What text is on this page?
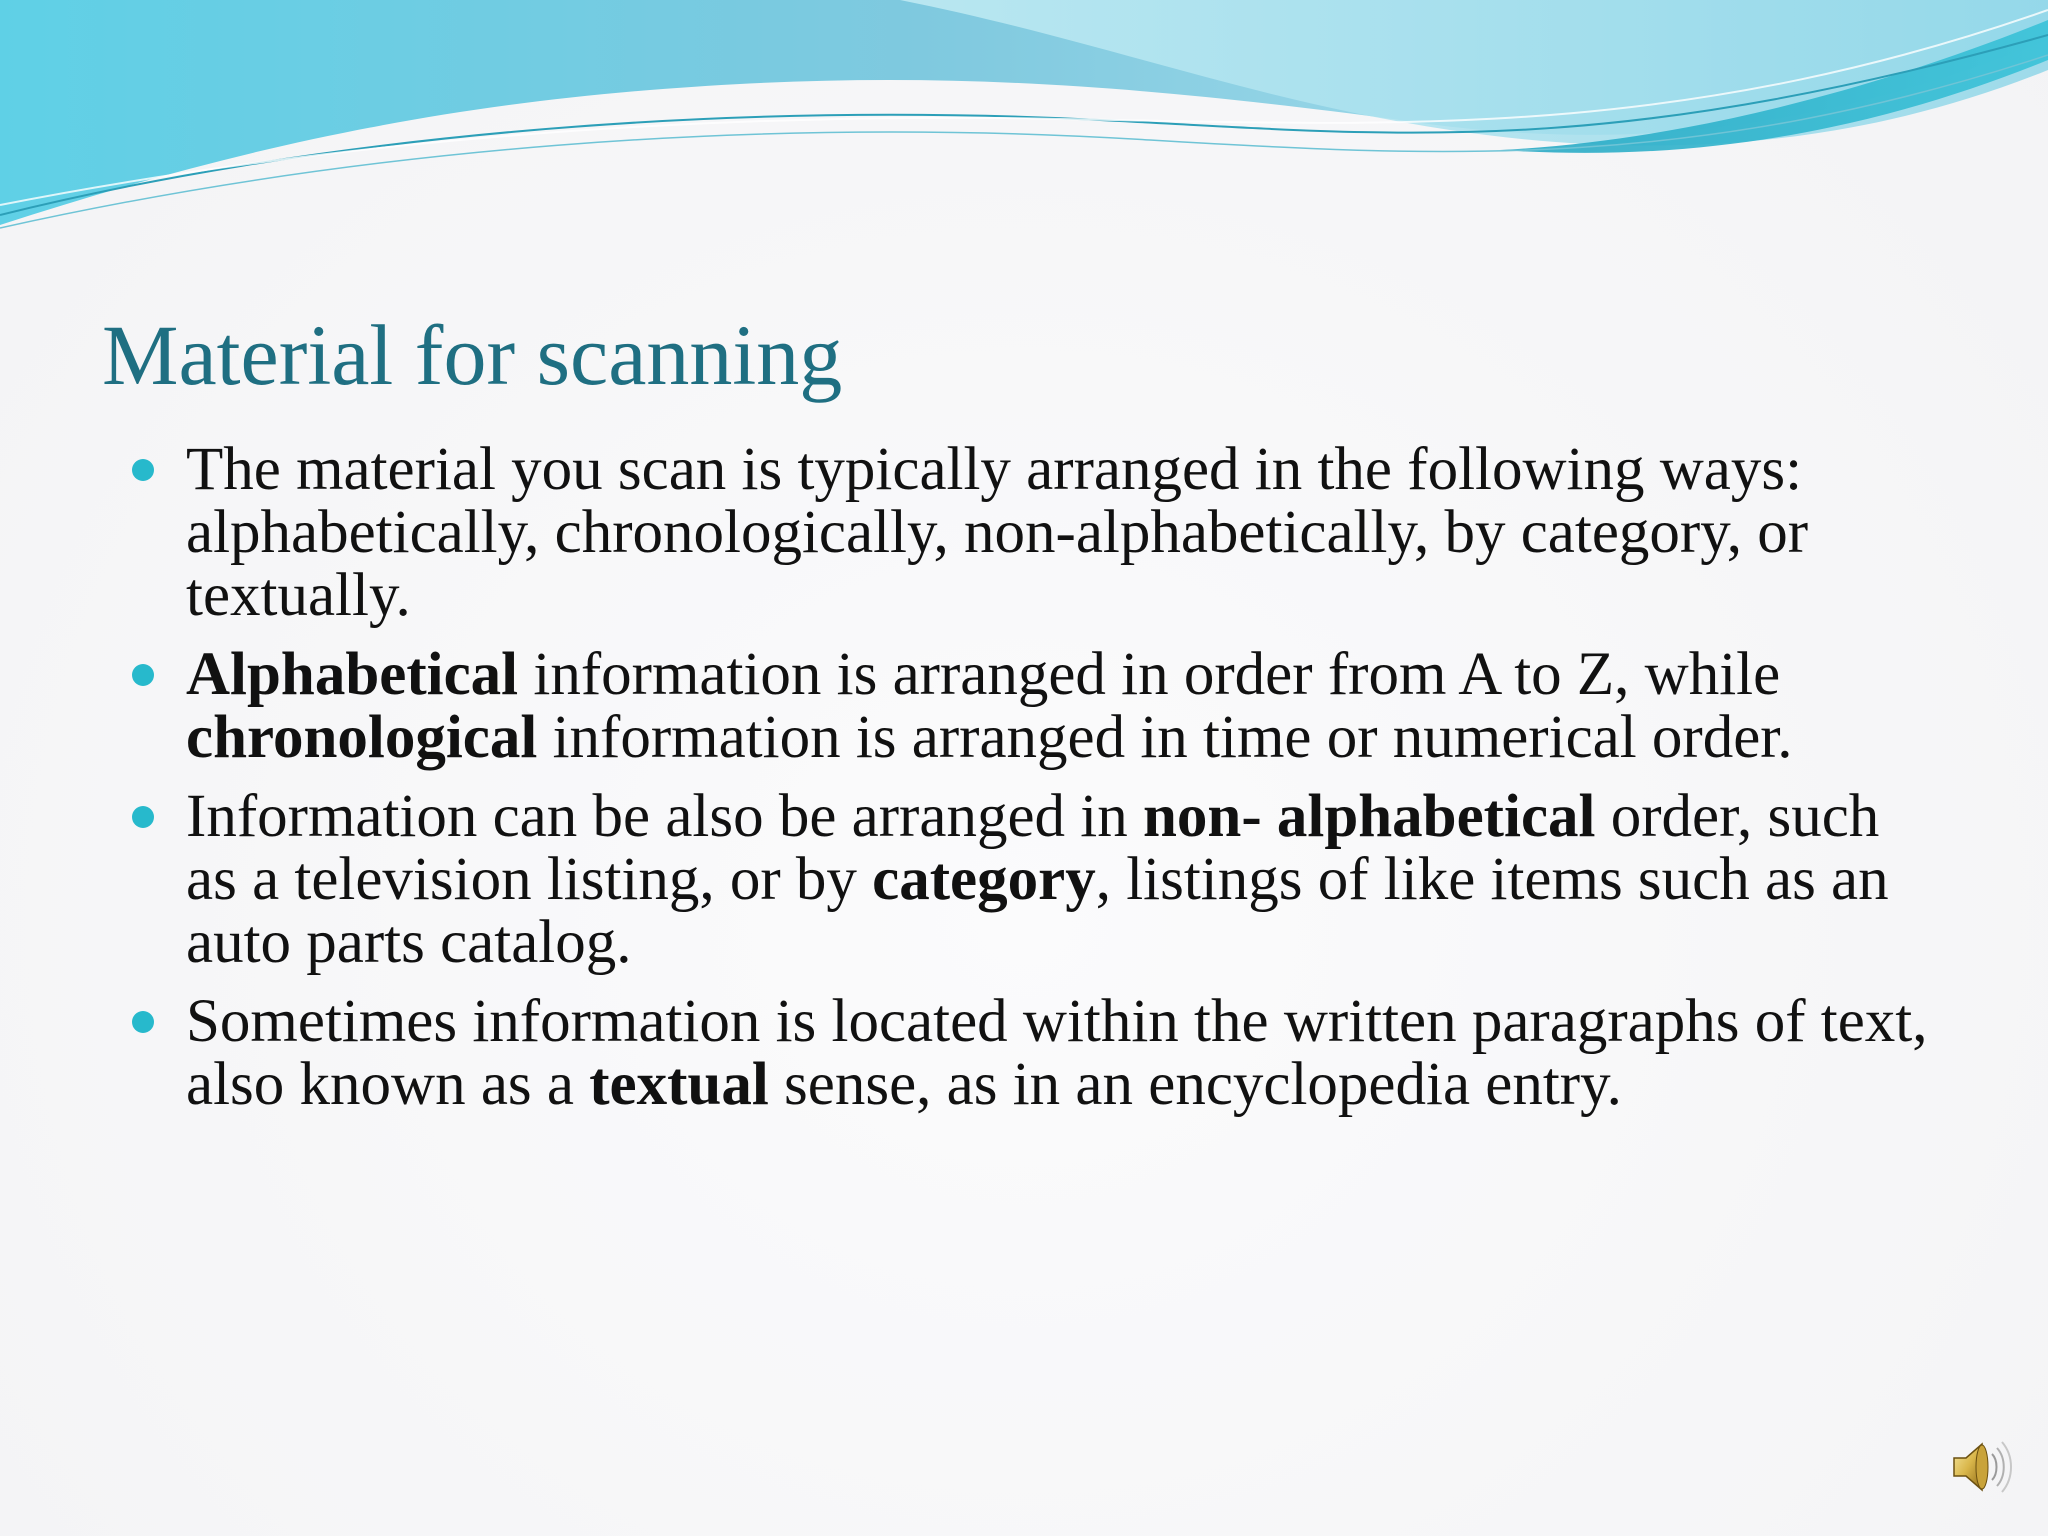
Material for scanning
The material you scan is typically arranged in the following ways: alphabetically, chronologically, non-alphabetically, by category, or textually.
Alphabetical information is arranged in order from A to Z, while chronological information is arranged in time or numerical order.
Information can be also be arranged in non- alphabetical order, such as a television listing, or by category, listings of like items such as an auto parts catalog.
Sometimes information is located within the written paragraphs of text, also known as a textual sense, as in an encyclopedia entry.
